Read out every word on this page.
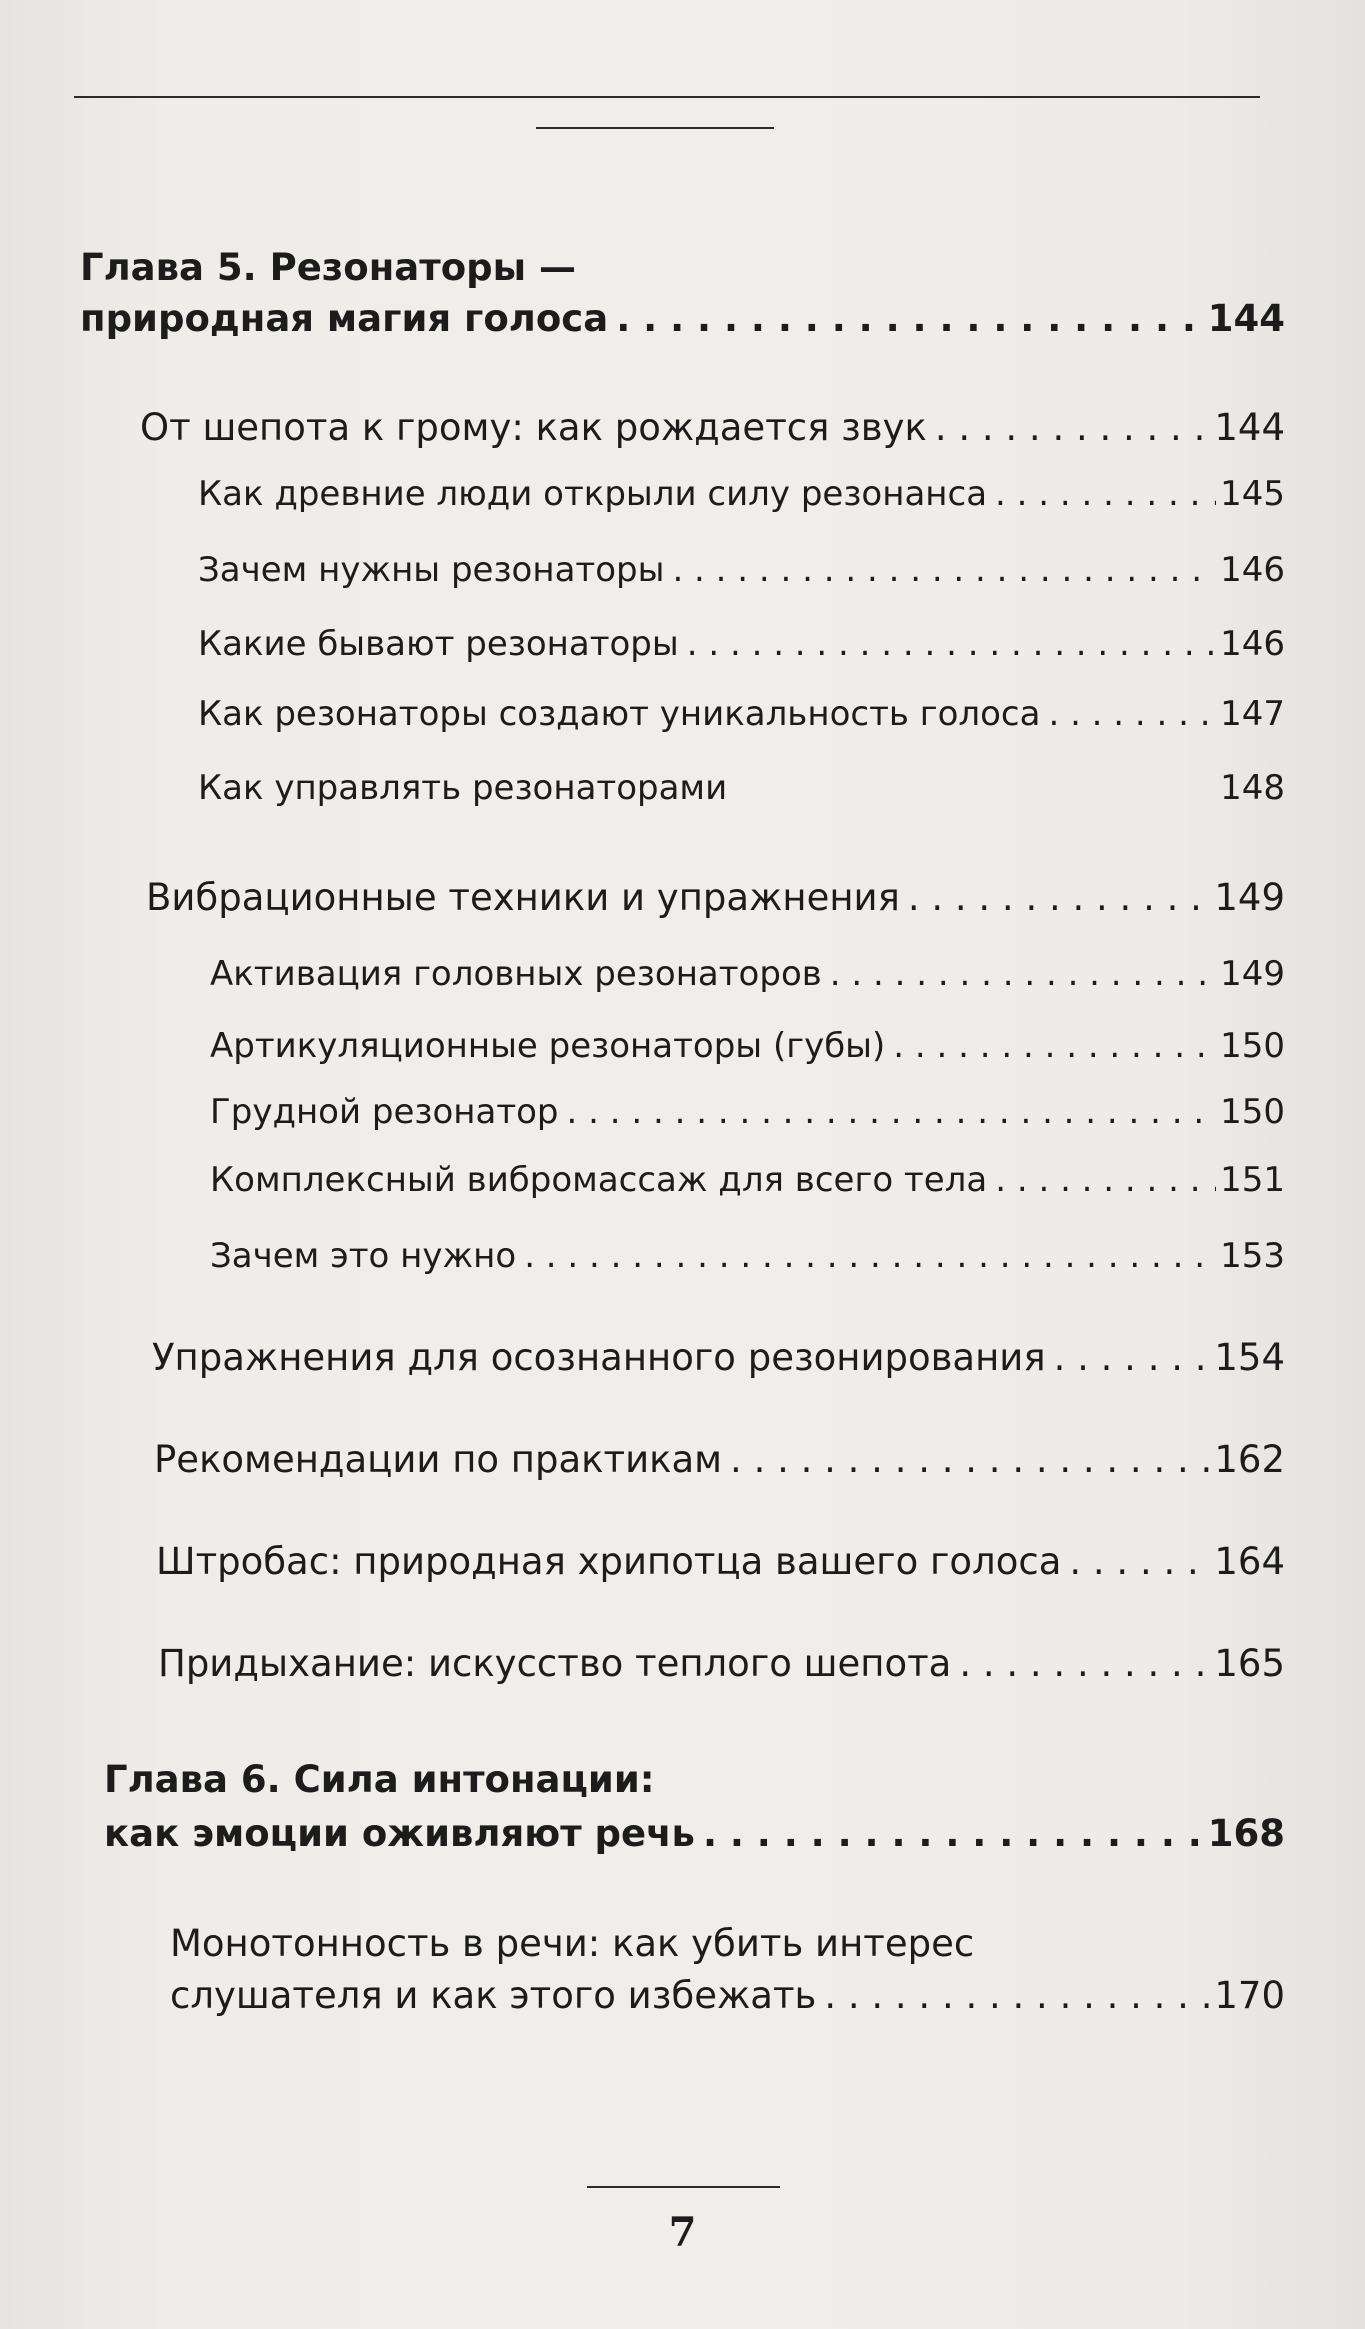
Глава 5. Резонаторы —
природная магия голоса . . .	144
От шепота к грому: как рождается звук . . .	144
Как древние люди открыли силу резонанса . . .	145
Зачем нужны резонаторы . . .	146
Какие бывают резонаторы . . .	146
Как резонаторы создают уникальность голоса . . .	147
Как управлять резонаторами	148
Вибрационные техники и упражнения . . .	149
Активация головных резонаторов . . .	149
Артикуляционные резонаторы (губы) . . .	150
Грудной резонатор . . .	150
Комплексный вибромассаж для всего тела . . .	151
Зачем это нужно . . .	153
Упражнения для осознанного резонирования . . .	154
Рекомендации по практикам . . .	162
Штробас: природная хрипотца вашего голоса . . .	164
Придыхание: искусство теплого шепота . . .	165
Глава 6. Сила интонации:
как эмоции оживляют речь . . .	168
Монотонность в речи: как убить интерес
слушателя и как этого избежать . . .	170
7
